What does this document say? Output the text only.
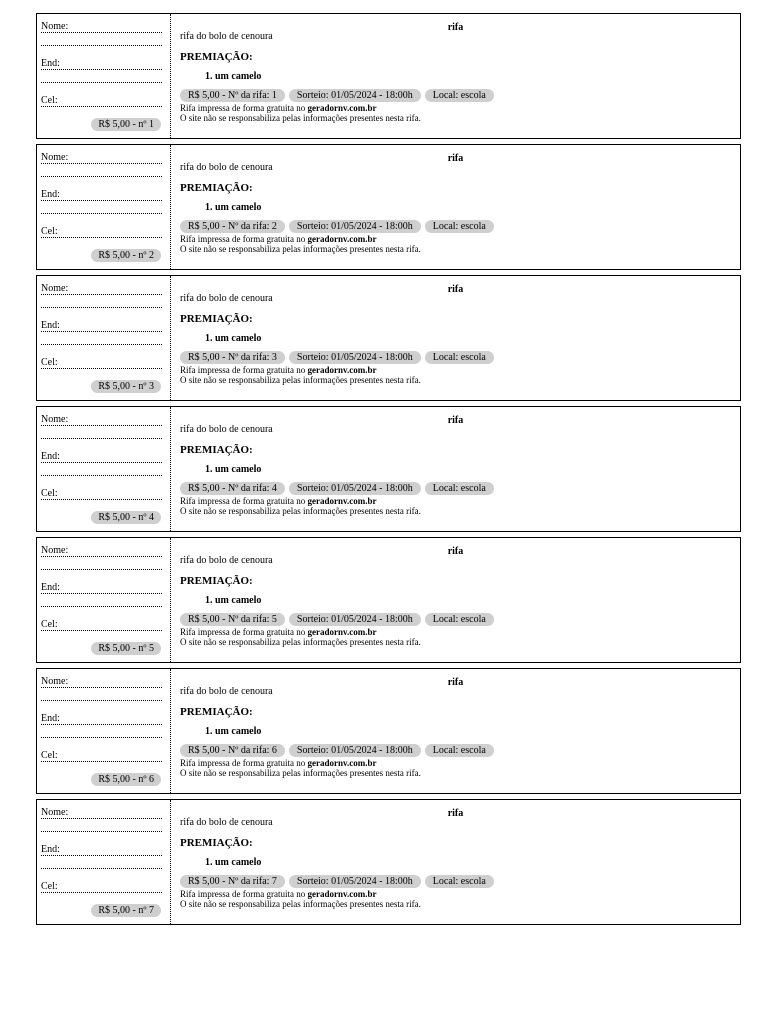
Nome:
End:
Cel:
R$ 5,00 - nº 1
rifa
rifa do bolo de cenoura
PREMIAÇÃO:
1. um camelo
R$ 5,00 - Nº da rifa: 1	Sorteio: 01/05/2024 - 18:00h	Local: escola
Rifa impressa de forma gratuita no geradornv.com.br
O site não se responsabiliza pelas informações presentes nesta rifa.
Nome:
End:
Cel:
R$ 5,00 - nº 2
rifa
rifa do bolo de cenoura
PREMIAÇÃO:
1. um camelo
R$ 5,00 - Nº da rifa: 2	Sorteio: 01/05/2024 - 18:00h	Local: escola
Rifa impressa de forma gratuita no geradornv.com.br
O site não se responsabiliza pelas informações presentes nesta rifa.
Nome:
End:
Cel:
R$ 5,00 - nº 3
rifa
rifa do bolo de cenoura
PREMIAÇÃO:
1. um camelo
R$ 5,00 - Nº da rifa: 3	Sorteio: 01/05/2024 - 18:00h	Local: escola
Rifa impressa de forma gratuita no geradornv.com.br
O site não se responsabiliza pelas informações presentes nesta rifa.
Nome:
End:
Cel:
R$ 5,00 - nº 4
rifa
rifa do bolo de cenoura
PREMIAÇÃO:
1. um camelo
R$ 5,00 - Nº da rifa: 4	Sorteio: 01/05/2024 - 18:00h	Local: escola
Rifa impressa de forma gratuita no geradornv.com.br
O site não se responsabiliza pelas informações presentes nesta rifa.
Nome:
End:
Cel:
R$ 5,00 - nº 5
rifa
rifa do bolo de cenoura
PREMIAÇÃO:
1. um camelo
R$ 5,00 - Nº da rifa: 5	Sorteio: 01/05/2024 - 18:00h	Local: escola
Rifa impressa de forma gratuita no geradornv.com.br
O site não se responsabiliza pelas informações presentes nesta rifa.
Nome:
End:
Cel:
R$ 5,00 - nº 6
rifa
rifa do bolo de cenoura
PREMIAÇÃO:
1. um camelo
R$ 5,00 - Nº da rifa: 6	Sorteio: 01/05/2024 - 18:00h	Local: escola
Rifa impressa de forma gratuita no geradornv.com.br
O site não se responsabiliza pelas informações presentes nesta rifa.
Nome:
End:
Cel:
R$ 5,00 - nº 7
rifa
rifa do bolo de cenoura
PREMIAÇÃO:
1. um camelo
R$ 5,00 - Nº da rifa: 7	Sorteio: 01/05/2024 - 18:00h	Local: escola
Rifa impressa de forma gratuita no geradornv.com.br
O site não se responsabiliza pelas informações presentes nesta rifa.
